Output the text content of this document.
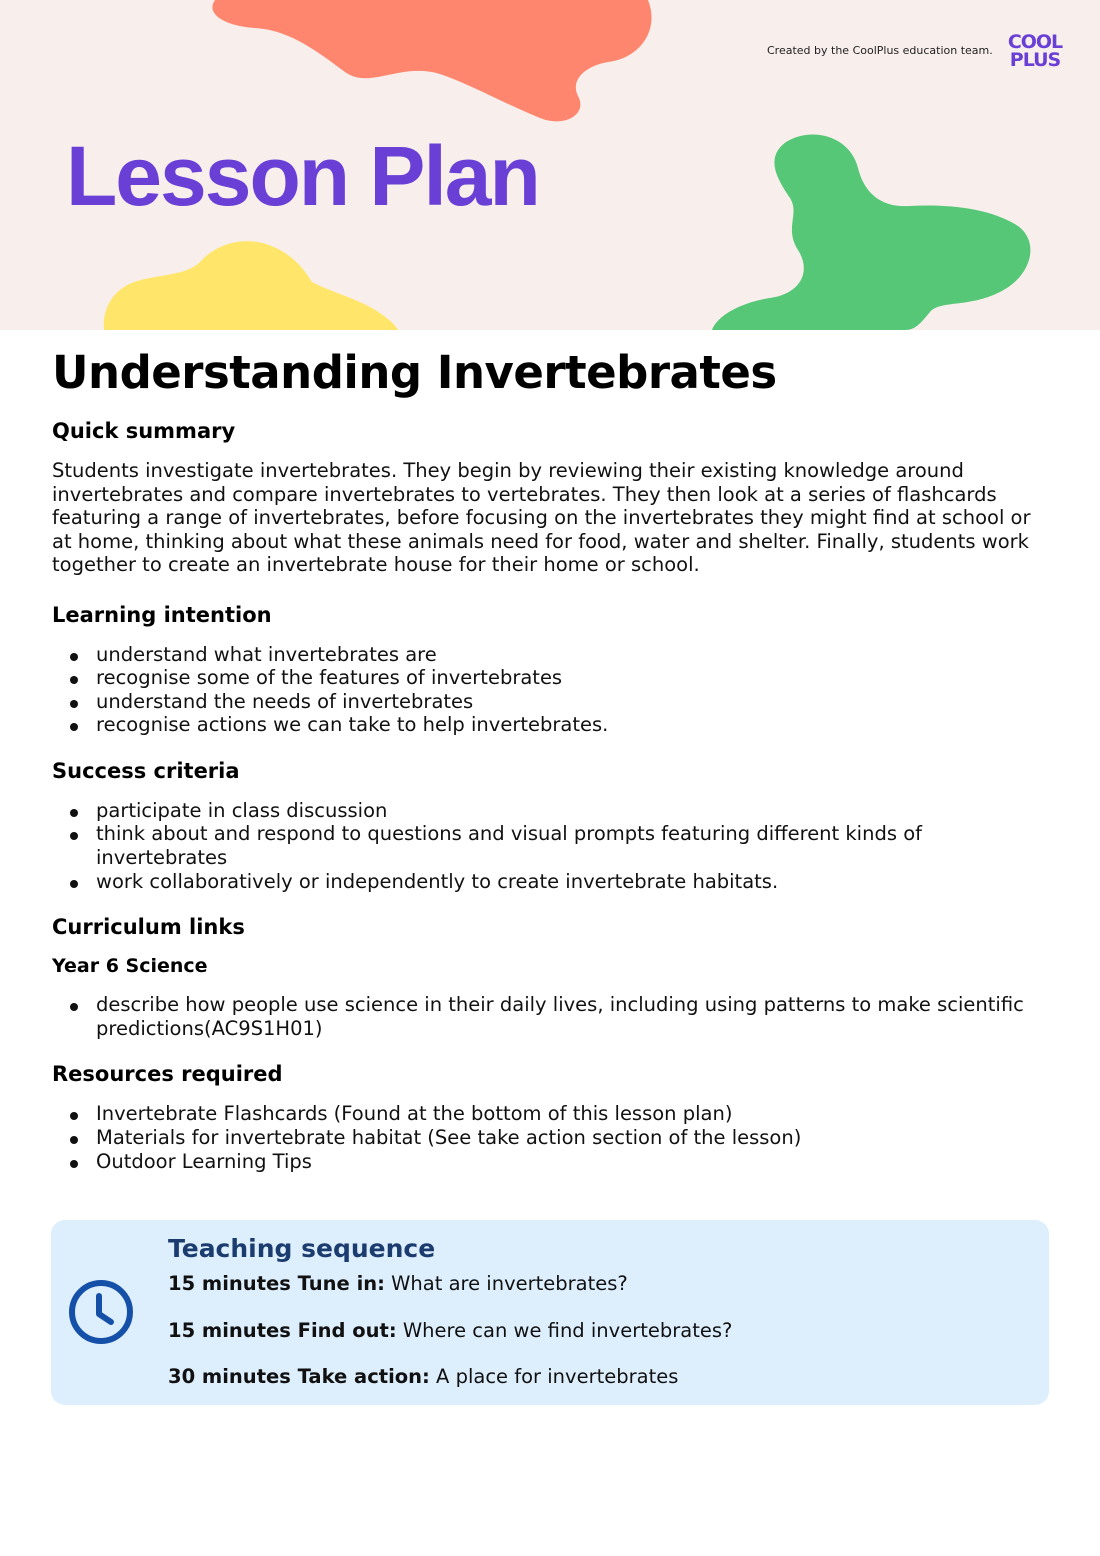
Created by the CoolPlus education team. COOL
PLUS
Lesson Plan
Understanding Invertebrates
Quick summary

Students investigate invertebrates. They begin by reviewing their existing knowledge around invertebrates and compare invertebrates to vertebrates. They then look at a series of flashcards featuring a range of invertebrates, before focusing on the invertebrates they might find at school or at home, thinking about what these animals need for food, water and shelter. Finally, students work together to create an invertebrate house for their home or school.

Learning intention
understand what invertebrates are
recognise some of the features of invertebrates
understand the needs of invertebrates
recognise actions we can take to help invertebrates.
Success criteria
participate in class discussion
think about and respond to questions and visual prompts featuring different kinds of invertebrates
work collaboratively or independently to create invertebrate habitats.
Curriculum links
Year 6 Science
describe how people use science in their daily lives, including using patterns to make scientific predictions(AC9S1H01)
Resources required
Invertebrate Flashcards (Found at the bottom of this lesson plan)
Materials for invertebrate habitat (See take action section of the lesson)
Outdoor Learning Tips
Teaching sequence
15 minutes Tune in: What are invertebrates?
15 minutes Find out: Where can we find invertebrates?
30 minutes Take action: A place for invertebrates
